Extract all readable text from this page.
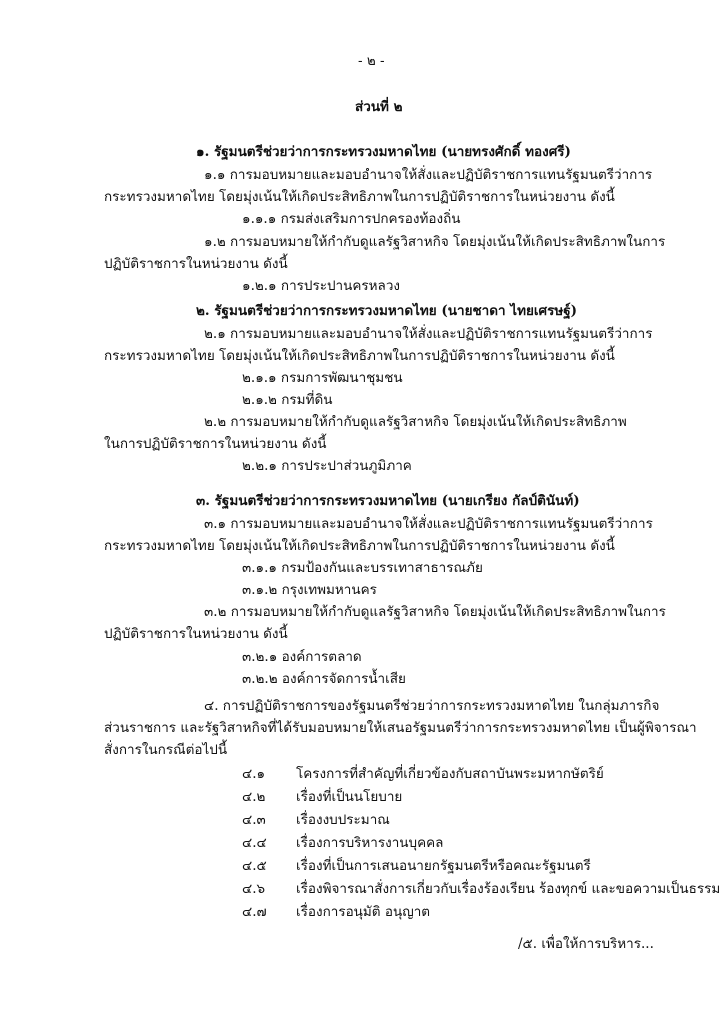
- ๒ -
ส่วนที่ ๒
๑. รัฐมนตรีช่วยว่าการกระทรวงมหาดไทย (นายทรงศักดิ์ ทองศรี)
๑.๑ การมอบหมายและมอบอำนาจให้สั่งและปฏิบัติราชการแทนรัฐมนตรีว่าการ
กระทรวงมหาดไทย โดยมุ่งเน้นให้เกิดประสิทธิภาพในการปฏิบัติราชการในหน่วยงาน ดังนี้
๑.๑.๑ กรมส่งเสริมการปกครองท้องถิ่น
๑.๒ การมอบหมายให้กำกับดูแลรัฐวิสาหกิจ โดยมุ่งเน้นให้เกิดประสิทธิภาพในการ
ปฏิบัติราชการในหน่วยงาน ดังนี้
๑.๒.๑ การประปานครหลวง
๒. รัฐมนตรีช่วยว่าการกระทรวงมหาดไทย (นายชาดา ไทยเศรษฐ์)
๒.๑ การมอบหมายและมอบอำนาจให้สั่งและปฏิบัติราชการแทนรัฐมนตรีว่าการ
กระทรวงมหาดไทย โดยมุ่งเน้นให้เกิดประสิทธิภาพในการปฏิบัติราชการในหน่วยงาน ดังนี้
๒.๑.๑ กรมการพัฒนาชุมชน
๒.๑.๒ กรมที่ดิน
๒.๒ การมอบหมายให้กำกับดูแลรัฐวิสาหกิจ โดยมุ่งเน้นให้เกิดประสิทธิภาพ
ในการปฏิบัติราชการในหน่วยงาน ดังนี้
๒.๒.๑ การประปาส่วนภูมิภาค
๓. รัฐมนตรีช่วยว่าการกระทรวงมหาดไทย (นายเกรียง กัลป์ตินันท์)
๓.๑ การมอบหมายและมอบอำนาจให้สั่งและปฏิบัติราชการแทนรัฐมนตรีว่าการ
กระทรวงมหาดไทย โดยมุ่งเน้นให้เกิดประสิทธิภาพในการปฏิบัติราชการในหน่วยงาน ดังนี้
๓.๑.๑ กรมป้องกันและบรรเทาสาธารณภัย
๓.๑.๒ กรุงเทพมหานคร
๓.๒ การมอบหมายให้กำกับดูแลรัฐวิสาหกิจ โดยมุ่งเน้นให้เกิดประสิทธิภาพในการ
ปฏิบัติราชการในหน่วยงาน ดังนี้
๓.๒.๑ องค์การตลาด
๓.๒.๒ องค์การจัดการน้ำเสีย
๔. การปฏิบัติราชการของรัฐมนตรีช่วยว่าการกระทรวงมหาดไทย ในกลุ่มภารกิจ
ส่วนราชการ และรัฐวิสาหกิจที่ได้รับมอบหมายให้เสนอรัฐมนตรีว่าการกระทรวงมหาดไทย เป็นผู้พิจารณา
สั่งการในกรณีต่อไปนี้
๔.๑ โครงการที่สำคัญที่เกี่ยวข้องกับสถาบันพระมหากษัตริย์
๔.๒ เรื่องที่เป็นนโยบาย
๔.๓ เรื่องงบประมาณ
๔.๔ เรื่องการบริหารงานบุคคล
๔.๕ เรื่องที่เป็นการเสนอนายกรัฐมนตรีหรือคณะรัฐมนตรี
๔.๖ เรื่องพิจารณาสั่งการเกี่ยวกับเรื่องร้องเรียน ร้องทุกข์ และขอความเป็นธรรม
๔.๗ เรื่องการอนุมัติ อนุญาต
/๕. เพื่อให้การบริหาร...
